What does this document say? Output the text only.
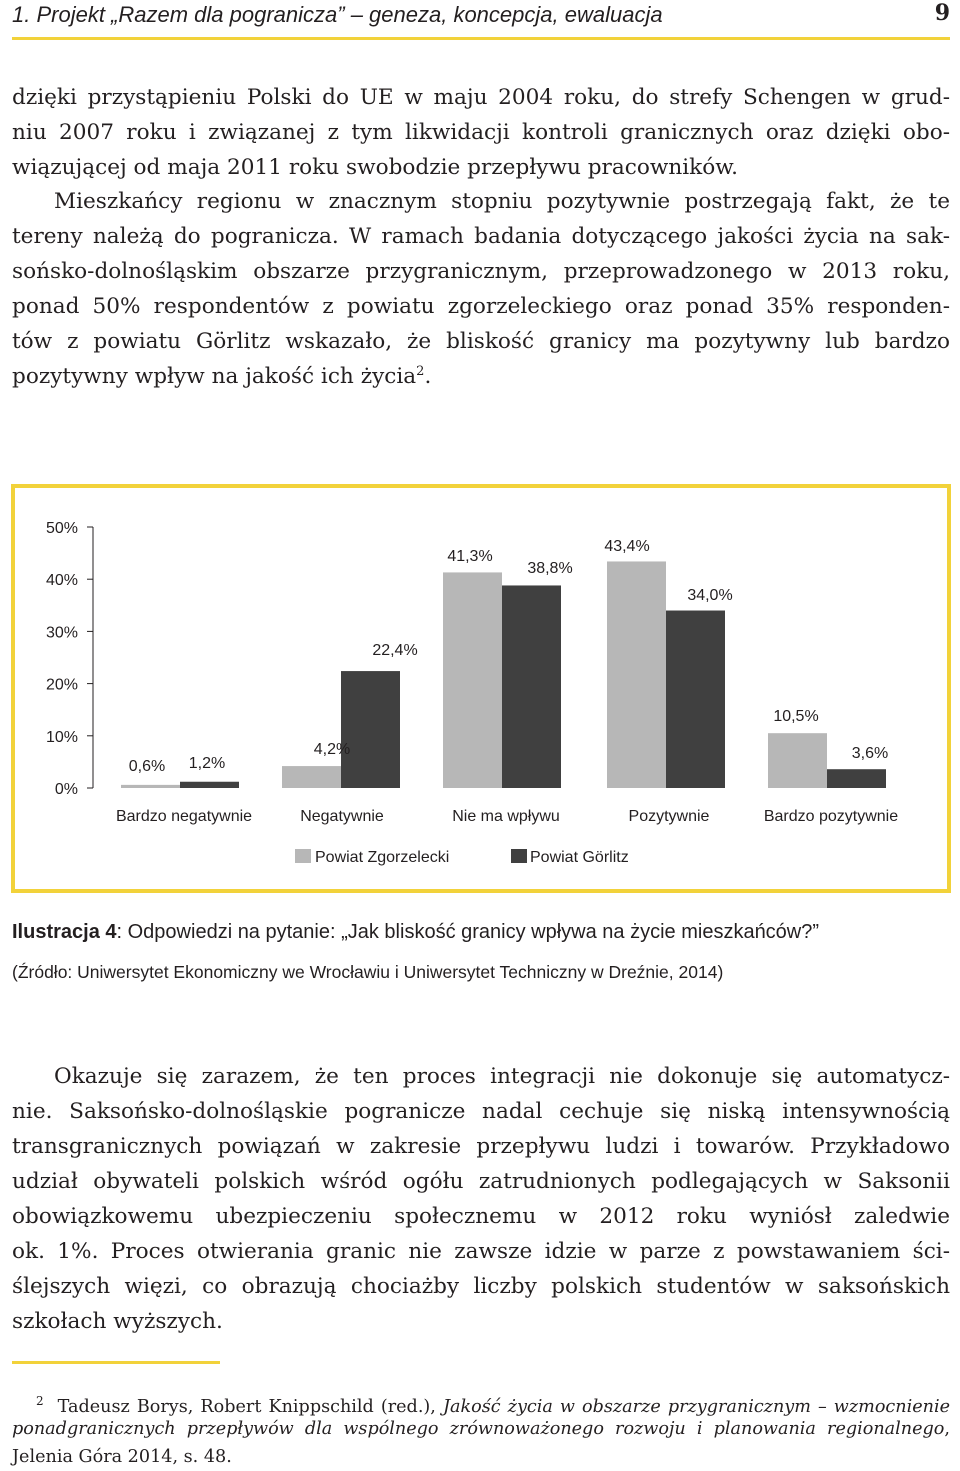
1. Projekt „Razem dla pogranicza” – geneza, koncepcja, ewaluacja	9
dzięki przystąpieniu Polski do UE w maju 2004 roku, do strefy Schengen w grud-
niu 2007 roku i związanej z tym likwidacji kontroli granicznych oraz dzięki obo-
wiązującej od maja 2011 roku swobodzie przepływu pracowników.
Mieszkańcy regionu w znacznym stopniu pozytywnie postrzegają fakt, że te
tereny należą do pogranicza. W ramach badania dotyczącego jakości życia na sak-
sońsko-dolnośląskim obszarze przygranicznym, przeprowadzonego w 2013 roku,
ponad 50% respondentów z powiatu zgorzeleckiego oraz ponad 35% responden-
tów z powiatu Görlitz wskazało, że bliskość granicy ma pozytywny lub bardzo
pozytywny wpływ na jakość ich życia$^2$.
0%
10%
20%
30%
40%
50%
0,6%
4,2%
41,3%
43,4%
10,5%
1,2%
22,4%
38,8%
34,0%
3,6%
Bardzo negatywnie	Negatywnie	Nie ma wpływu	Pozytywnie	Bardzo pozytywnie
Powiat Zgorzelecki	Powiat Görlitz
Ilustracja 4: Odpowiedzi na pytanie: „Jak bliskość granicy wpływa na życie mieszkańców?”
(Źródło: Uniwersytet Ekonomiczny we Wrocławiu i Uniwersytet Techniczny w Dreźnie, 2014)
Okazuje się zarazem, że ten proces integracji nie dokonuje się automatycz-
nie. Saksońsko-dolnośląskie pogranicze nadal cechuje się niską intensywnością
transgranicznych powiązań w zakresie przepływu ludzi i towarów. Przykładowo
udział obywateli polskich wśród ogółu zatrudnionych podlegających w Saksonii
obowiązkowemu ubezpieczeniu społecznemu w 2012 roku wyniósł zaledwie
ok. 1%. Proces otwierania granic nie zawsze idzie w parze z powstawaniem ści-
ślejszych więzi, co obrazują chociażby liczby polskich studentów w saksońskich
szkołach wyższych.
$^2$ Tadeusz Borys, Robert Knippschild (red.), Jakość życia w obszarze przygranicznym – wzmocnienie
ponadgranicznych przepływów dla wspólnego zrównoważonego rozwoju i planowania regionalnego,
Jelenia Góra 2014, s. 48.
